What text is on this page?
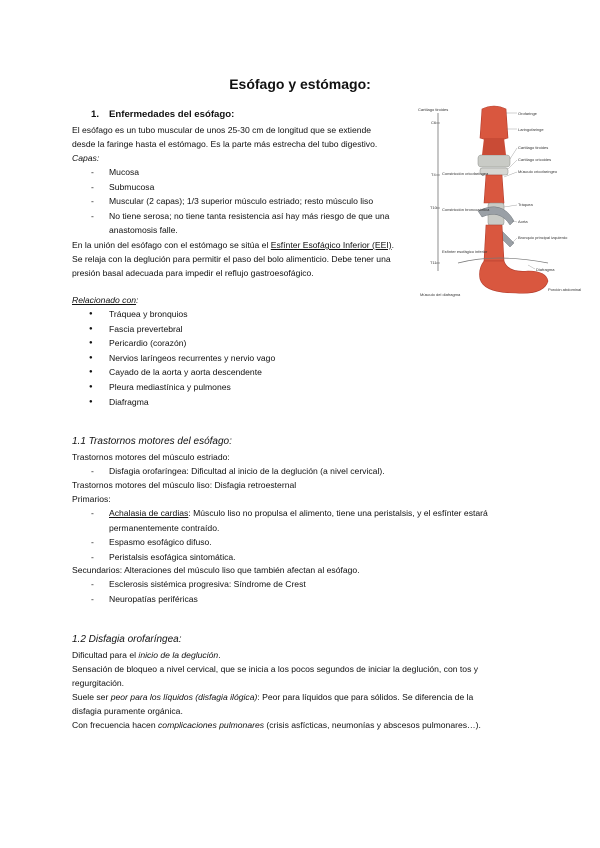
Esófago y estómago:
1. Enfermedades del esófago:
El esófago es un tubo muscular de unos 25-30 cm de longitud que se extiende
desde la faringe hasta el estómago. Es la parte más estrecha del tubo digestivo.
Capas:
- Mucosa
- Submucosa
- Muscular (2 capas); 1/3 superior músculo estriado; resto músculo liso
- No tiene serosa; no tiene tanta resistencia así hay más riesgo de que una anastomosis falle.
En la unión del esófago con el estómago se sitúa el Esfínter Esofágico Inferior (EEI).
Se relaja con la deglución para permitir el paso del bolo alimenticio. Debe tener una
presión basal adecuada para impedir el reflujo gastroesofágico.
Relacionado con:
● Tráquea y bronquios
● Fascia prevertebral
● Pericardio (corazón)
● Nervios laríngeos recurrentes y nervio vago
● Cayado de la aorta y aorta descendente
● Pleura mediastínica y pulmones
● Diafragma
1.1 Trastornos motores del esófago:
Trastornos motores del músculo estriado:
- Disfagia orofaríngea: Dificultad al inicio de la deglución (a nivel cervical).
Trastornos motores del músculo liso: Disfagia retroesternal
Primarios:
- Achalasia de cardias: Músculo liso no propulsa el alimento, tiene una peristalsis, y el esfínter estará permanentemente contraído.
- Espasmo esofágico difuso.
- Peristalsis esofágica sintomática.
Secundarios: Alteraciones del músculo liso que también afectan al esófago.
- Esclerosis sistémica progresiva: Síndrome de Crest
- Neuropatías periféricas
1.2 Disfagia orofaríngea:
Dificultad para el inicio de la deglución.
Sensación de bloqueo a nivel cervical, que se inicia a los pocos segundos de iniciar la deglución, con tos y
regurgitación.
Suele ser peor para los líquidos (disfagia ilógica): Peor para líquidos que para sólidos. Se diferencia de la
disfagia puramente orgánica.
Con frecuencia hacen complicaciones pulmonares (crisis asfícticas, neumonías y abscesos pulmonares…).
C6
T4
T10
T11
Cartílago tiroides
Constricción cricofaríngea
Constricción broncoaórtica
Esfínter esofágico inferior
Músculo del diafragma
Orofaringe
Laringofaringe
Cartílago tiroides
Cartílago cricoides
Músculo cricofaríngeo
Tráquea
Aorta
Bronquio principal izquierdo
Diafragma
Porción abdominal
